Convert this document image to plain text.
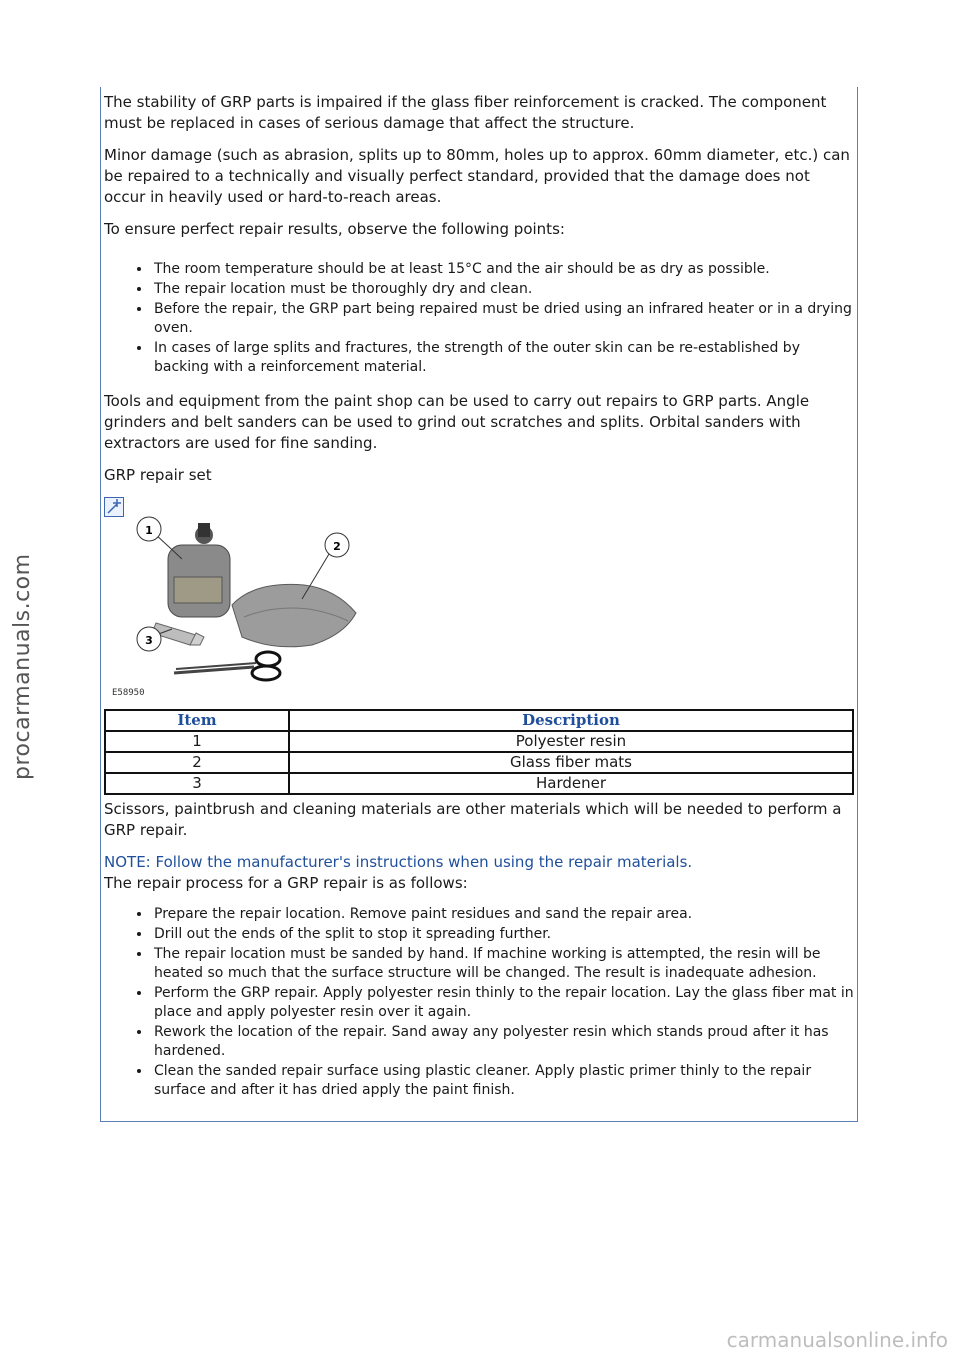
The stability of GRP parts is impaired if the glass fiber reinforcement is cracked. The component must be replaced in cases of serious damage that affect the structure.

Minor damage (such as abrasion, splits up to 80mm, holes up to approx. 60mm diameter, etc.) can be repaired to a technically and visually perfect standard, provided that the damage does not occur in heavily used or hard-to-reach areas.

To ensure perfect repair results, observe the following points:

• The room temperature should be at least 15°C and the air should be as dry as possible.
• The repair location must be thoroughly dry and clean.
• Before the repair, the GRP part being repaired must be dried using an infrared heater or in a drying oven.
• In cases of large splits and fractures, the strength of the outer skin can be re-established by backing with a reinforcement material.

Tools and equipment from the paint shop can be used to carry out repairs to GRP parts. Angle grinders and belt sanders can be used to grind out scratches and splits. Orbital sanders with extractors are used for fine sanding.

GRP repair set

1
2
3
E58950
Item	Description
1	Polyester resin
2	Glass fiber mats
3	Hardener

Scissors, paintbrush and cleaning materials are other materials which will be needed to perform a GRP repair.

NOTE: Follow the manufacturer's instructions when using the repair materials.

The repair process for a GRP repair is as follows:

• Prepare the repair location. Remove paint residues and sand the repair area.
• Drill out the ends of the split to stop it spreading further.
• The repair location must be sanded by hand. If machine working is attempted, the resin will be heated so much that the surface structure will be changed. The result is inadequate adhesion.
• Perform the GRP repair. Apply polyester resin thinly to the repair location. Lay the glass fiber mat in place and apply polyester resin over it again.
• Rework the location of the repair. Sand away any polyester resin which stands proud after it has hardened.
• Clean the sanded repair surface using plastic cleaner. Apply plastic primer thinly to the repair surface and after it has dried apply the paint finish.
procarmanuals.com
carmanualsonline.info
